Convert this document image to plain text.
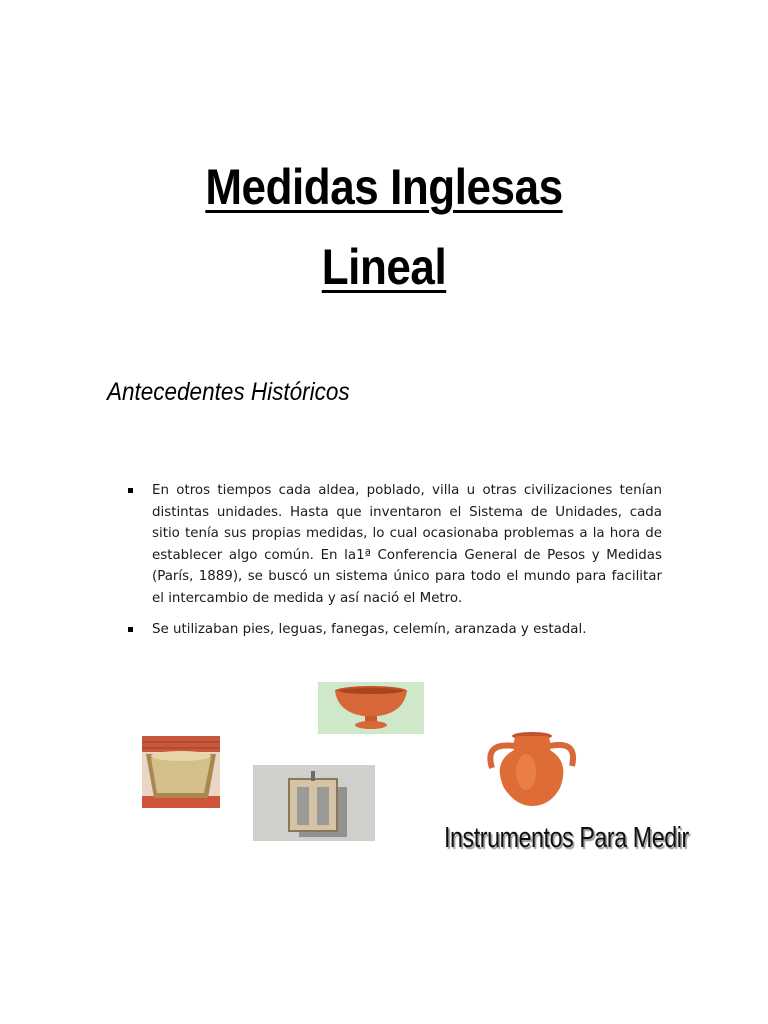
Medidas Inglesas
Lineal
Antecedentes Históricos
En otros tiempos cada aldea, poblado, villa u otras civilizaciones tenían distintas unidades. Hasta que inventaron el Sistema de Unidades, cada sitio tenía sus propias medidas, lo cual ocasionaba problemas a la hora de establecer algo común. En la1ª Conferencia General de Pesos y Medidas (París, 1889), se buscó un sistema único para todo el mundo para facilitar el intercambio de medida y así nació el Metro.
Se utilizaban pies, leguas, fanegas, celemín, aranzada y estadal.
Instrumentos Para Medir
